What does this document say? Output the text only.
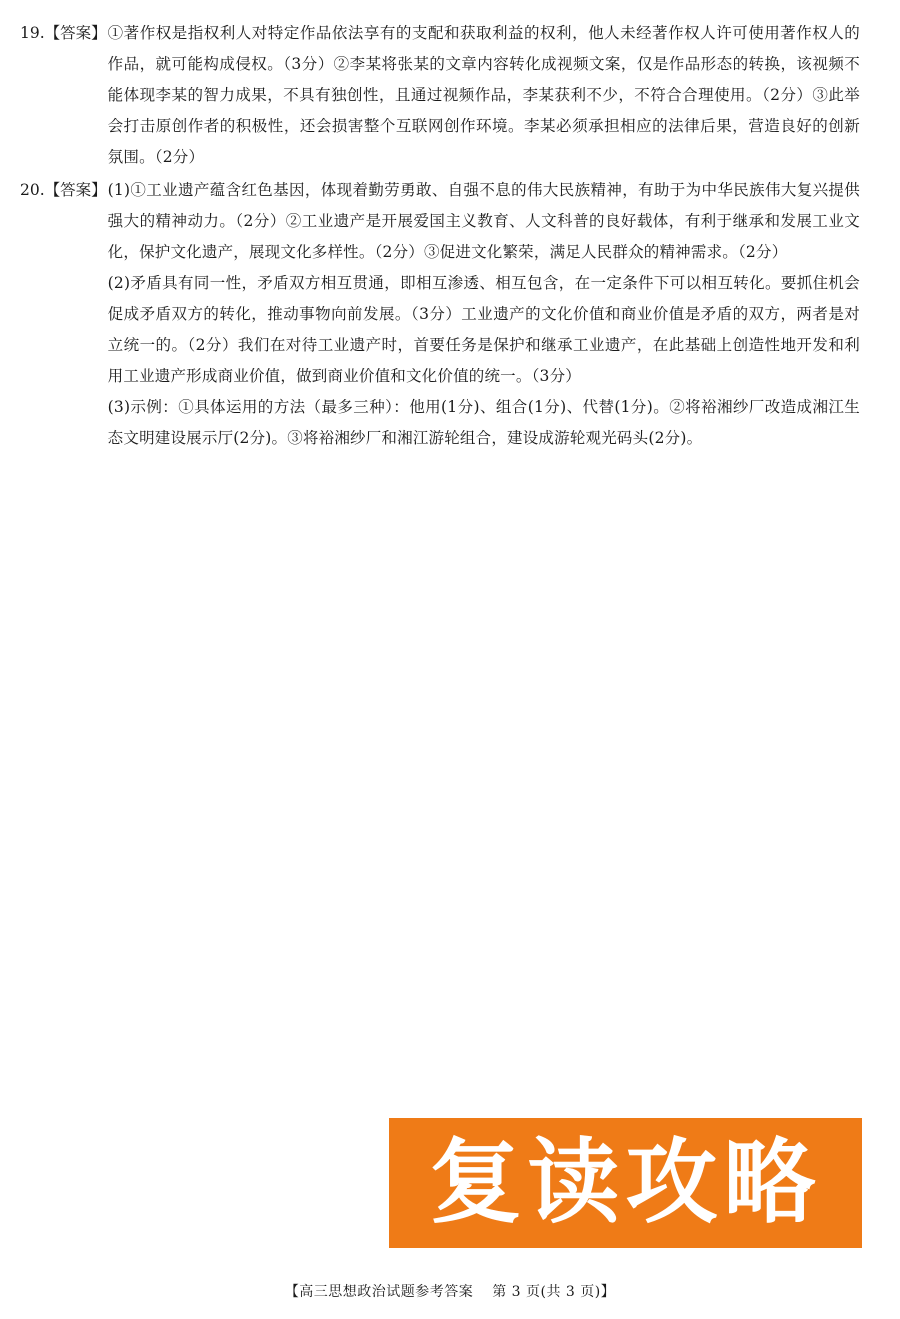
19.【答案】 ①著作权是指权利人对特定作品依法享有的支配和获取利益的权利，他人未经著作权人许可使用著作权人的作品，就可能构成侵权。（3分）②李某将张某的文章内容转化成视频文案，仅是作品形态的转换，该视频不能体现李某的智力成果，不具有独创性，且通过视频作品，李某获利不少，不符合合理使用。（2分）③此举会打击原创作者的积极性，还会损害整个互联网创作环境。李某必须承担相应的法律后果，营造良好的创新氛围。（2分）

20.【答案】 (1)①工业遗产蕴含红色基因，体现着勤劳勇敢、自强不息的伟大民族精神，有助于为中华民族伟大复兴提供强大的精神动力。（2分）②工业遗产是开展爱国主义教育、人文科普的良好载体，有利于继承和发展工业文化，保护文化遗产，展现文化多样性。（2分）③促进文化繁荣，满足人民群众的精神需求。（2分）

(2)矛盾具有同一性，矛盾双方相互贯通，即相互渗透、相互包含，在一定条件下可以相互转化。要抓住机会促成矛盾双方的转化，推动事物向前发展。（3分）工业遗产的文化价值和商业价值是矛盾的双方，两者是对立统一的。（2分）我们在对待工业遗产时，首要任务是保护和继承工业遗产，在此基础上创造性地开发和利用工业遗产形成商业价值，做到商业价值和文化价值的统一。（3分）

(3)示例：①具体运用的方法（最多三种）：他用(1分)、组合(1分)、代替(1分)。②将裕湘纱厂改造成湘江生态文明建设展示厅(2分)。③将裕湘纱厂和湘江游轮组合，建设成游轮观光码头(2分)。

复读攻略
【高三思想政治试题参考答案 第 3 页(共 3 页)】
